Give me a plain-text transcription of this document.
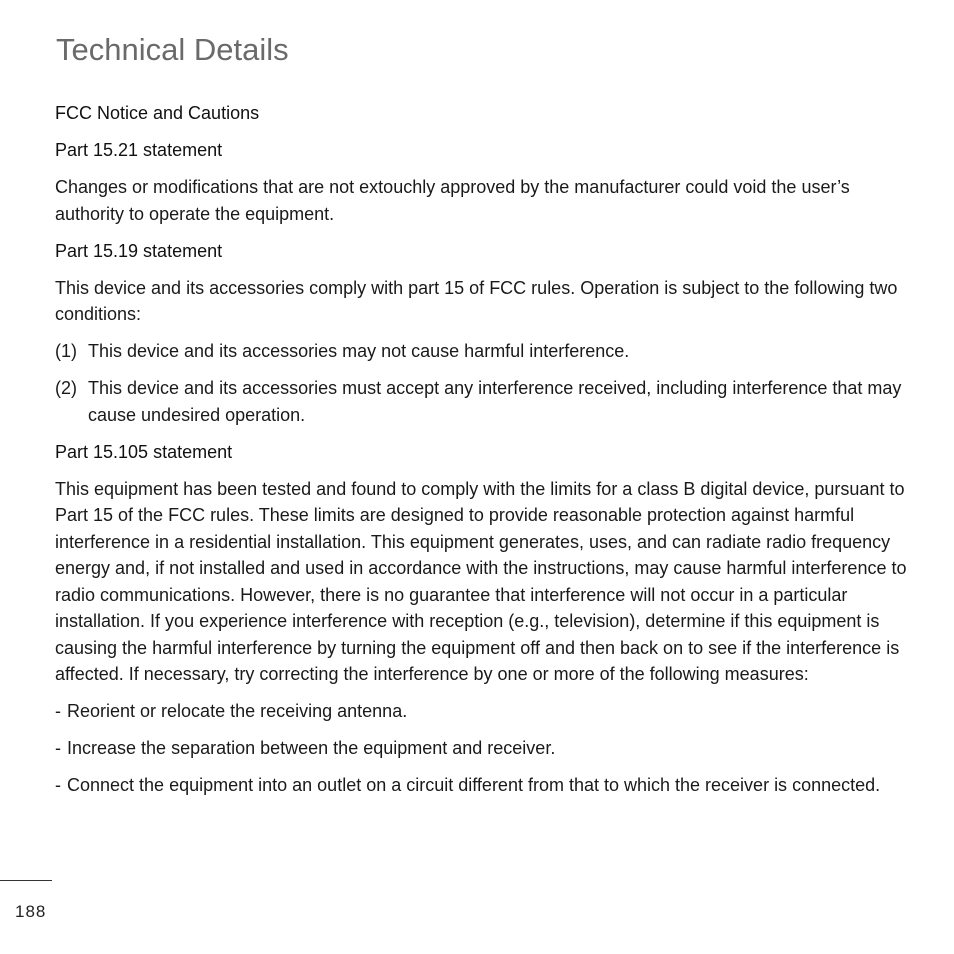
Technical Details

FCC Notice and Cautions

Part 15.21 statement

Changes or modifications that are not extouchly approved by the manufacturer could void the user’s authority to operate the equipment.

Part 15.19 statement

This device and its accessories comply with part 15 of FCC rules. Operation is subject to the following two conditions:

(1) This device and its accessories may not cause harmful interference.
(2) This device and its accessories must accept any interference received, including interference that may cause undesired operation.

Part 15.105 statement

This equipment has been tested and found to comply with the limits for a class B digital device, pursuant to Part 15 of the FCC rules. These limits are designed to provide reasonable protection against harmful interference in a residential installation. This equipment generates, uses, and can radiate radio frequency energy and, if not installed and used in accordance with the instructions, may cause harmful interference to radio communications. However, there is no guarantee that interference will not occur in a particular installation. If you experience interference with reception (e.g., television), determine if this equipment is causing the harmful interference by turning the equipment off and then back on to see if the interference is affected. If necessary, try correcting the interference by one or more of the following measures:

- Reorient or relocate the receiving antenna.
- Increase the separation between the equipment and receiver.
- Connect the equipment into an outlet on a circuit different from that to which the receiver is connected.
188
